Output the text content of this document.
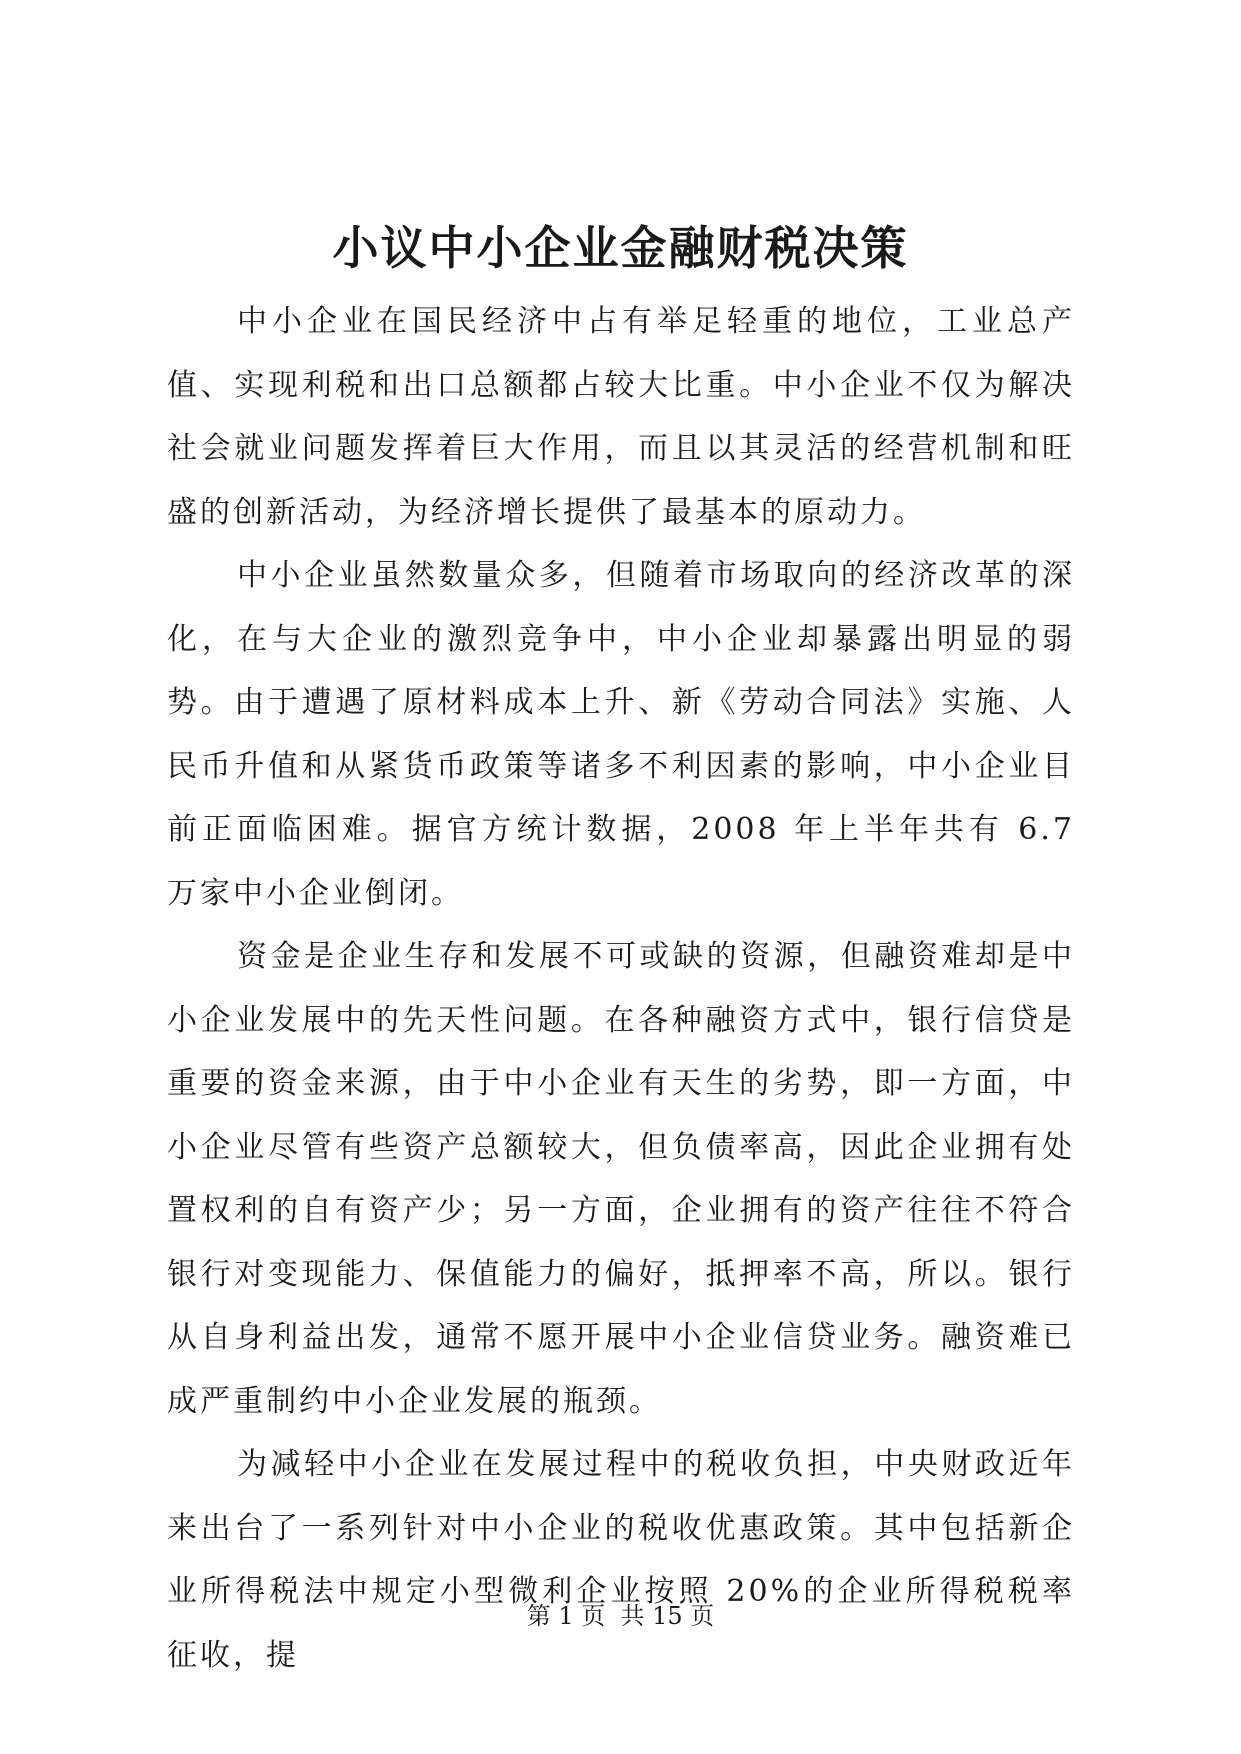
小议中小企业金融财税决策

中小企业在国民经济中占有举足轻重的地位，工业总产值、实现利税和出口总额都占较大比重。中小企业不仅为解决社会就业问题发挥着巨大作用，而且以其灵活的经营机制和旺盛的创新活动，为经济增长提供了最基本的原动力。

中小企业虽然数量众多，但随着市场取向的经济改革的深化，在与大企业的激烈竞争中，中小企业却暴露出明显的弱势。由于遭遇了原材料成本上升、新《劳动合同法》实施、人民币升值和从紧货币政策等诸多不利因素的影响，中小企业目前正面临困难。据官方统计数据，2008 年上半年共有 6.7 万家中小企业倒闭。

资金是企业生存和发展不可或缺的资源，但融资难却是中小企业发展中的先天性问题。在各种融资方式中，银行信贷是重要的资金来源，由于中小企业有天生的劣势，即一方面，中小企业尽管有些资产总额较大，但负债率高，因此企业拥有处置权利的自有资产少；另一方面，企业拥有的资产往往不符合银行对变现能力、保值能力的偏好，抵押率不高，所以。银行从自身利益出发，通常不愿开展中小企业信贷业务。融资难已成严重制约中小企业发展的瓶颈。

为减轻中小企业在发展过程中的税收负担，中央财政近年来出台了一系列针对中小企业的税收优惠政策。其中包括新企业所得税法中规定小型微利企业按照 20%的企业所得税税率征收，提

第 1 页  共 15 页
